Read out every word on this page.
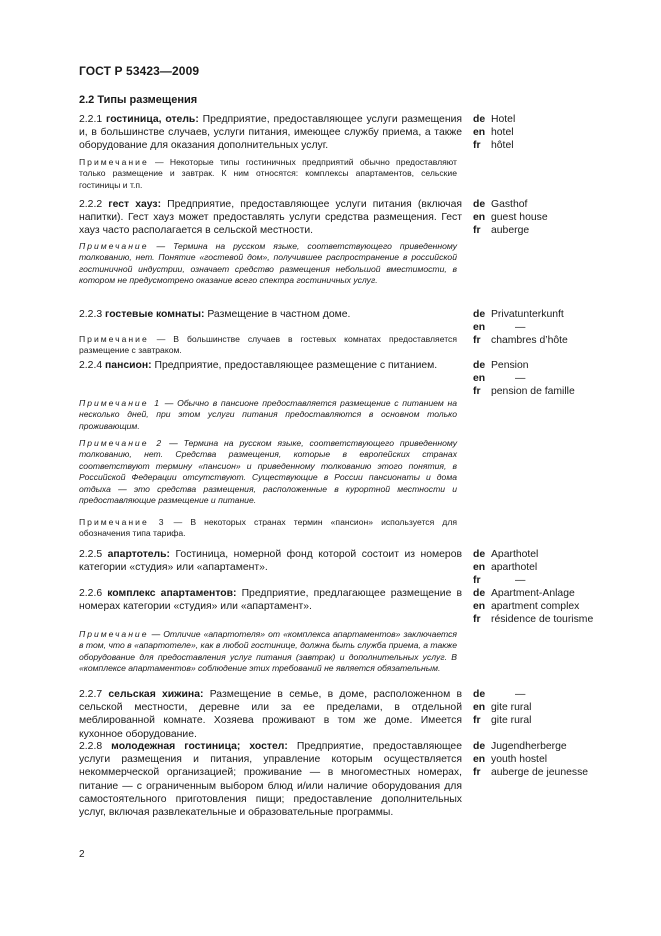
ГОСТ Р 53423—2009
2.2 Типы размещения
2.2.1 гостиница, отель: Предприятие, предоставляющее услуги размещения и, в большинстве случаев, услуги питания, имеющее службу приема, а также оборудование для оказания дополнительных услуг.
de Hotel
en hotel
fr hôtel
Примечание — Некоторые типы гостиничных предприятий обычно предоставляют только размещение и завтрак. К ним относятся: комплексы апартаментов, сельские гостиницы и т.п.
2.2.2 гест хауз: Предприятие, предоставляющее услуги питания (включая напитки). Гест хауз может предоставлять услуги средства размещения. Гест хауз часто располагается в сельской местности.
de Gasthof
en guest house
fr auberge
Примечание — Термина на русском языке, соответствующего приведенному толкованию, нет. Понятие «гостевой дом», получившее распространение в российской гостиничной индустрии, означает средство размещения небольшой вместимости, в котором не предусмотрено оказание всего спектра гостиничных услуг.
2.2.3 гостевые комнаты: Размещение в частном доме.	de Privatunterkunft
en	—
fr chambres d’hôte
Примечание — В большинстве случаев в гостевых комнатах предоставляется размещение с завтраком.
2.2.4 пансион: Предприятие, предоставляющее размещение с питанием.	de Pension
en	—
fr pension de famille
Примечание 1 — Обычно в пансионе предоставляется размещение с питанием на несколько дней, при этом услуги питания предоставляются в основном только проживающим.
Примечание 2 — Термина на русском языке, соответствующего приведенному толкованию, нет. Средства размещения, которые в европейских странах соответствуют термину «пансион» и приведенному толкованию этого понятия, в Российской Федерации отсутствуют. Существующие в России пансионаты и дома отдыха — это средства размещения, расположенные в курортной местности и предоставляющие размещение и питание.
Примечание 3 — В некоторых странах термин «пансион» используется для обозначения типа тарифа.
2.2.5 апартотель: Гостиница, номерной фонд которой состоит из номеров категории «студия» или «апартамент».
de Aparthotel
en aparthotel
fr	—
2.2.6 комплекс апартаментов: Предприятие, предлагающее размещение в номерах категории «студия» или «апартамент».
de Apartment-Anlage
en apartment complex
fr résidence de tourisme
Примечание — Отличие «апартотеля» от «комплекса апартаментов» заключается в том, что в «апартотеле», как в любой гостинице, должна быть служба приема, а также оборудование для предоставления услуг питания (завтрак) и дополнительных услуг. В «комплексе апартаментов» соблюдение этих требований не является обязательным.
2.2.7 сельская хижина: Размещение в семье, в доме, расположенном в сельской местности, деревне или за ее пределами, в отдельной меблированной комнате. Хозяева проживают в том же доме. Имеется кухонное оборудование.
de	—
en gite rural
fr gite rural
2.2.8 молодежная гостиница; хостел: Предприятие, предоставляющее услуги размещения и питания, управление которым осуществляется некоммерческой организацией; проживание — в многоместных номерах, питание — с ограниченным выбором блюд и/или наличие оборудования для самостоятельного приготовления пищи; предоставление дополнительных услуг, включая развлекательные и образовательные программы.
de Jugendherberge
en youth hostel
fr auberge de jeunesse
2
